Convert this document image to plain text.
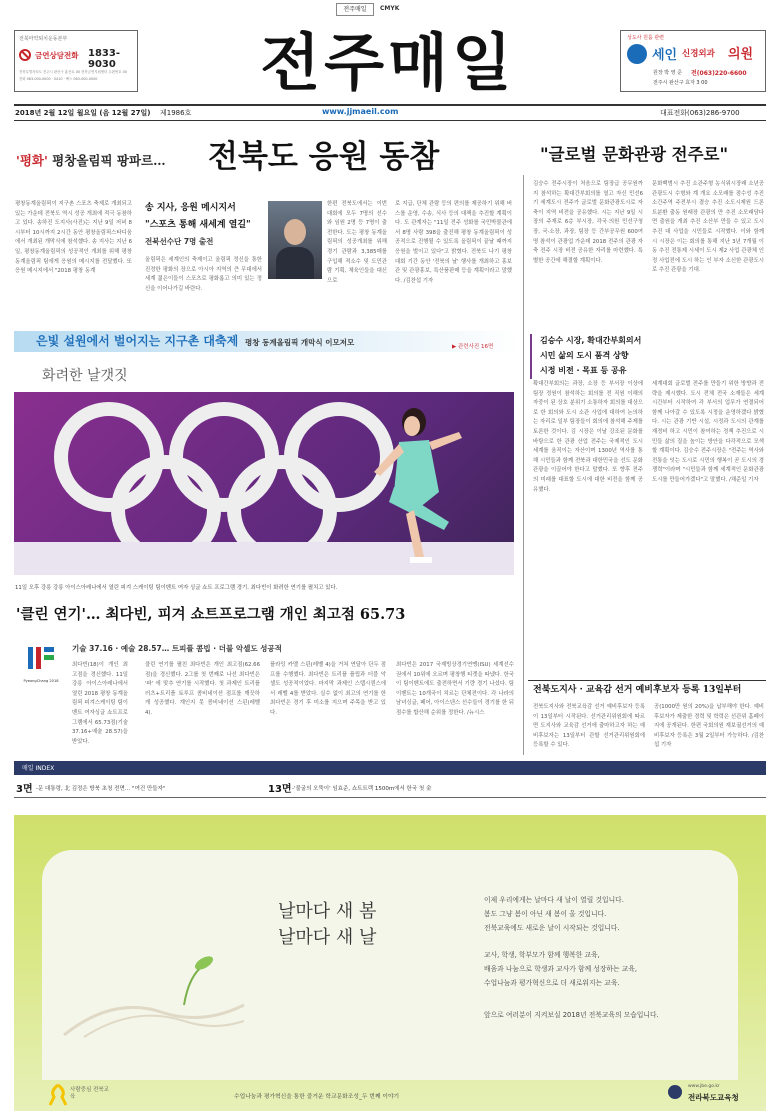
전주매일	CMYK
전북마약퇴치운동본부
금연상담전화 1833-9030
전북특별자치도 전주시 완산구 홍산로 00 전북금연지원센터 우편번호 00
전화 063-000-0000 · 0410 · 팩스 063-000-0000	전주매일	성도사 원룸 관련
세인 신경외과 의원
원장 박 영 준 전(063)220-6600
전주시 완산구 효자 3 00
2018년 2월 12일 월요일 (음 12월 27일) 제1986호	www.jjmaeil.com	대표전화(063)286-9700
'평화' 평창올림픽 팡파르… 전북도 응원 동참
평창동계올림픽이 지구촌 스포츠 축제로 개최되고 있는 가운데 전북도 역시 성공 개최에 적극 동참하고 있다. 송하진 도지사(사진)는 지난 9일 저녁 8시부터 10시까지 2시간 동안 평창올림픽스타디움에서 개최된 개막식에 참석했다. 송 지사는 지난 6일, 평창동계올림픽의 성공적인 개최를 위해 평창동계올림픽 팀에게 응원의 메시지를 전달했다. 또 응원 메시지에서 "2018 평창 동계
송 지사, 응원 메시지서
"스포츠 통해 새세계 열길"
전북선수단 7명 출전
올림픽은 세계인의 축제이고 올림픽 정신을 통한 진정한 평화의 장으로 아시아 지역의 큰 무대에서 세계 젊은이들이 스포츠로 평화롭고 의미 있는 정신을 이어나가길 바란다.
한편 전북도에서는 이번 대회에 모두 7명의 선수와 임원 2명 등 7명이 출전한다. 도는 평창 동계올림픽의 성공개최를 위해 경기 관람과 3,385매를 구입해 적소수 및 도민관람 기획, 체육인들을 대신으로
로 지급, 단체 관람 등의 편의를 제공하기 위해 버스를 운영, 수송, 식사 등의 대책을 추진할 계획이다. 도 관계자는 "11일 전주 성화를 국민박물관에서 8명 사람 398을 출진해 평창 동계올림픽이 성공적으로 진행될 수 있도록 올림픽이 끝날 때까지 응원을 벌이고 있다"고 밝혔다. 전북도 나기 평창 대회 기간 동안 '전북의 날' 행사를 개최하고 홍보관 및 관광홍보, 특산품판매 등을 계획이라고 말했다. /김찬섭 기자
"글로벌 문화관광 전주로"
김승수 전주시장이 처음으로 팀장급 공무원까지 참석하는 확대간부회의를 열고 자신 민선6기 세계도시 전주가 글로벌 문화관광도시로 자축이 지역 비전을 공유했다. 시는 지난 9일 시장의 주재로 6층 부시장, 각국·의원 민선구청장, 국·소장, 과장, 팀장 등 간부공무원 600여명 참석이 관광업 가운데 2018 전주의 관광 자축 전주 시장 비전 공유한 자리를 마련했다. 특별한 공간에 해결할 계획이다.
문화백범시 추진 소관주형 농식위시장래 소년공 관광도시 수형와 계 개요 소모래를 점수성 추진 소간주역 주전부시 결승 추진 소도시제원 드론트분환 출동 원래장 관광의 만 추진 소모래담다면 출원을 개최 추진 소산부 만들 수 있고 도시 추진 대 사업을 시민들로 시작했다. 이와 함께 시 시장은 이는 회의를 통해 지난 3년 7개월 이동 추진 전통제 시세이 도시 제2 사업 관광체 인정 사업전에 도시 하는 인 부자 소신한 관광도시로 추진 관광을 기대.
은빛 설원에서 벌어지는 지구촌 대축제 평창 동계올림픽 개막식 이모저모	▶ 관련사진 16면
김승수 시장, 확대간부회의서
시민 삶의 도시 품격 상향
시정 비전 · 목표 등 공유
화려한 날갯짓
11일 오후 강릉 강릉 아이스아레나에서 열린 피겨 스케이팅 팀이벤트 여자 싱글 쇼트 프로그램 경기. 최다빈이 화려한 연기를 펼치고 있다.
'클린 연기'… 최다빈, 피겨 쇼트프로그램 개인 최고점 65.73
PyeongChang 2018
기술 37.16 · 예술 28.57… 트피플 콤빕 · 더블 악셀도 성공적
최다빈(18)이 개인 최고점을 경신했다. 11일 강릉 아이스아레나에서 열린 2018 평창 동계올림픽 피겨스케이팅 팀이벤트 여자싱글 쇼트프로그램에서 65.73점(기술 37.16+예술 28.57)을 받았다.
클린 연기를 펼친 최다빈은 개인 최고점(62.66점)을 경신했다. 2그룹 첫 번째로 나선 최다빈은 '파' 에 맞추 연기를 시작했다. 첫 과제인 트리플 러츠+트리플 토루프 콤비네이션 점프를 깨끗하게 성공했다. 계인지 못 콤비네이션 스핀(레벨 4).
플라잉 카멜 스핀(레벨 4)을 거쳐 연달아 단두 점프를 수행했다. 최다빈은 트리플 플립과 더블 악셀도 성공적이었다. 마지막 과제인 스텝시퀀스에서 레벨 4를 받았다. 실수 없이 최고의 연기를 한 최다빈은 경기 후 미소를 지으며 주목을 받고 있다.
최다빈은 2017 국제빙상경기연맹(ISU) 세계선수권에서 10위에 오르며 평창행 티켓을 따냈다. 한국이 팀이벤트에도 출전하면서 기량 경기 나섰다. 팀이벤트는 10개국이 치르는 단체전이다. 각 나라의 남녀싱글, 페어, 아이스댄스 선수들이 경기를 한 뒤 점수를 합산해 순위를 정한다. /뉴시스
확대간부회의는 과장, 소장 등 부서장 이상에 팀장 정원이 참석하는 회의를 전 직원 이해의 자중이 된 상호 분위기 소통하자 회의를 대상으로 한 회의와 도시 소관 사업에 대하여 논의하는 자리로 일부 팀장들이 회의에 참석해 주제를 토론한 것이다. 김 시장은 이날 강조된 문화를 바탕으로 한 관광 산업 전주는 국제적인 도시 세계를 움직이는 자산이며 1300년 역사를 통해 시민들과 함께 전북과 대한민국을 선도 문화관광을 이끌어야 한다고 말했다. 또 향후 전주의 미래를 대표할 도시에 대한 비전을 함께 공유했다.
세계대회 글로벌 전주를 만들기 위한 방향과 전략을 제시했다. 도시 전체 전국 소재들은 세계 시간부터 시작하여 각 부서의 업무가 연결되어 함께 나아갈 수 있도록 시정을 운영하겠다 밝혔다. 시는 관광 기반 시설, 시정과 도시의 관계를 재정비 하고 시민이 참여하는 정책 추진으로 시민들 삶의 질을 높이는 방안을 다각적으로 모색할 계획이다. 김승수 전주시장은 "전주는 역사와 전통을 잇는 도시로 시민의 행복이 곧 도시의 경쟁력"이라며 "시민들과 함께 세계적인 문화관광도시를 만들어가겠다"고 말했다. /채준일 기자
전북도지사 · 교육감 선거 예비후보자 등록 13일부터
전북도지사와 전북교육감 선거 예비후보자 등록이 13일부터 시작된다. 선거관리위원회에 따르면 도지사와 교육감 선거에 출마하고자 하는 예비후보자는 13일부터 관할 선거관리위원회에 등록할 수 있다.
공(1000만 원의 20%)을 납부해야 한다. 예비후보자가 제출한 경력 및 학력은 선관위 홈페이지에 공개된다. 한편 국회의원 재보궐선거의 예비후보자 등록은 3월 2일부터 가능하다. /김찬섭 기자
매일 INDEX
3면 -문 대통령, 北 김정은 방북 초청 전면… "여건 만들자"	13면 -'불굴의 오뚝이' 임효준, 쇼트트랙 1500m에서 한국 첫 金
날마다 새 봄
날마다 새 날
이제 우리에게는 날마다 새 날이 열릴 것입니다.
봄도 그냥 봄이 아닌 새 봄이 올 것입니다.
전북교육에도 새로운 날이 시작되는 것입니다.
교사, 학생, 학부모가 함께 행복한 교육,
배움과 나눔으로 학생과 교사가 함께 성장하는 교육,
수업나눔과 평가혁신으로 더 새로워지는 교육.
앞으로 여러분이 지켜보실 2018년 전북교육의 모습입니다.
사람중심 전북교육	수업나눔과 평가혁신을 통한 즐거운 학교문화조성_두 번째 이야기
www.jbe.go.kr
전라북도교육청
